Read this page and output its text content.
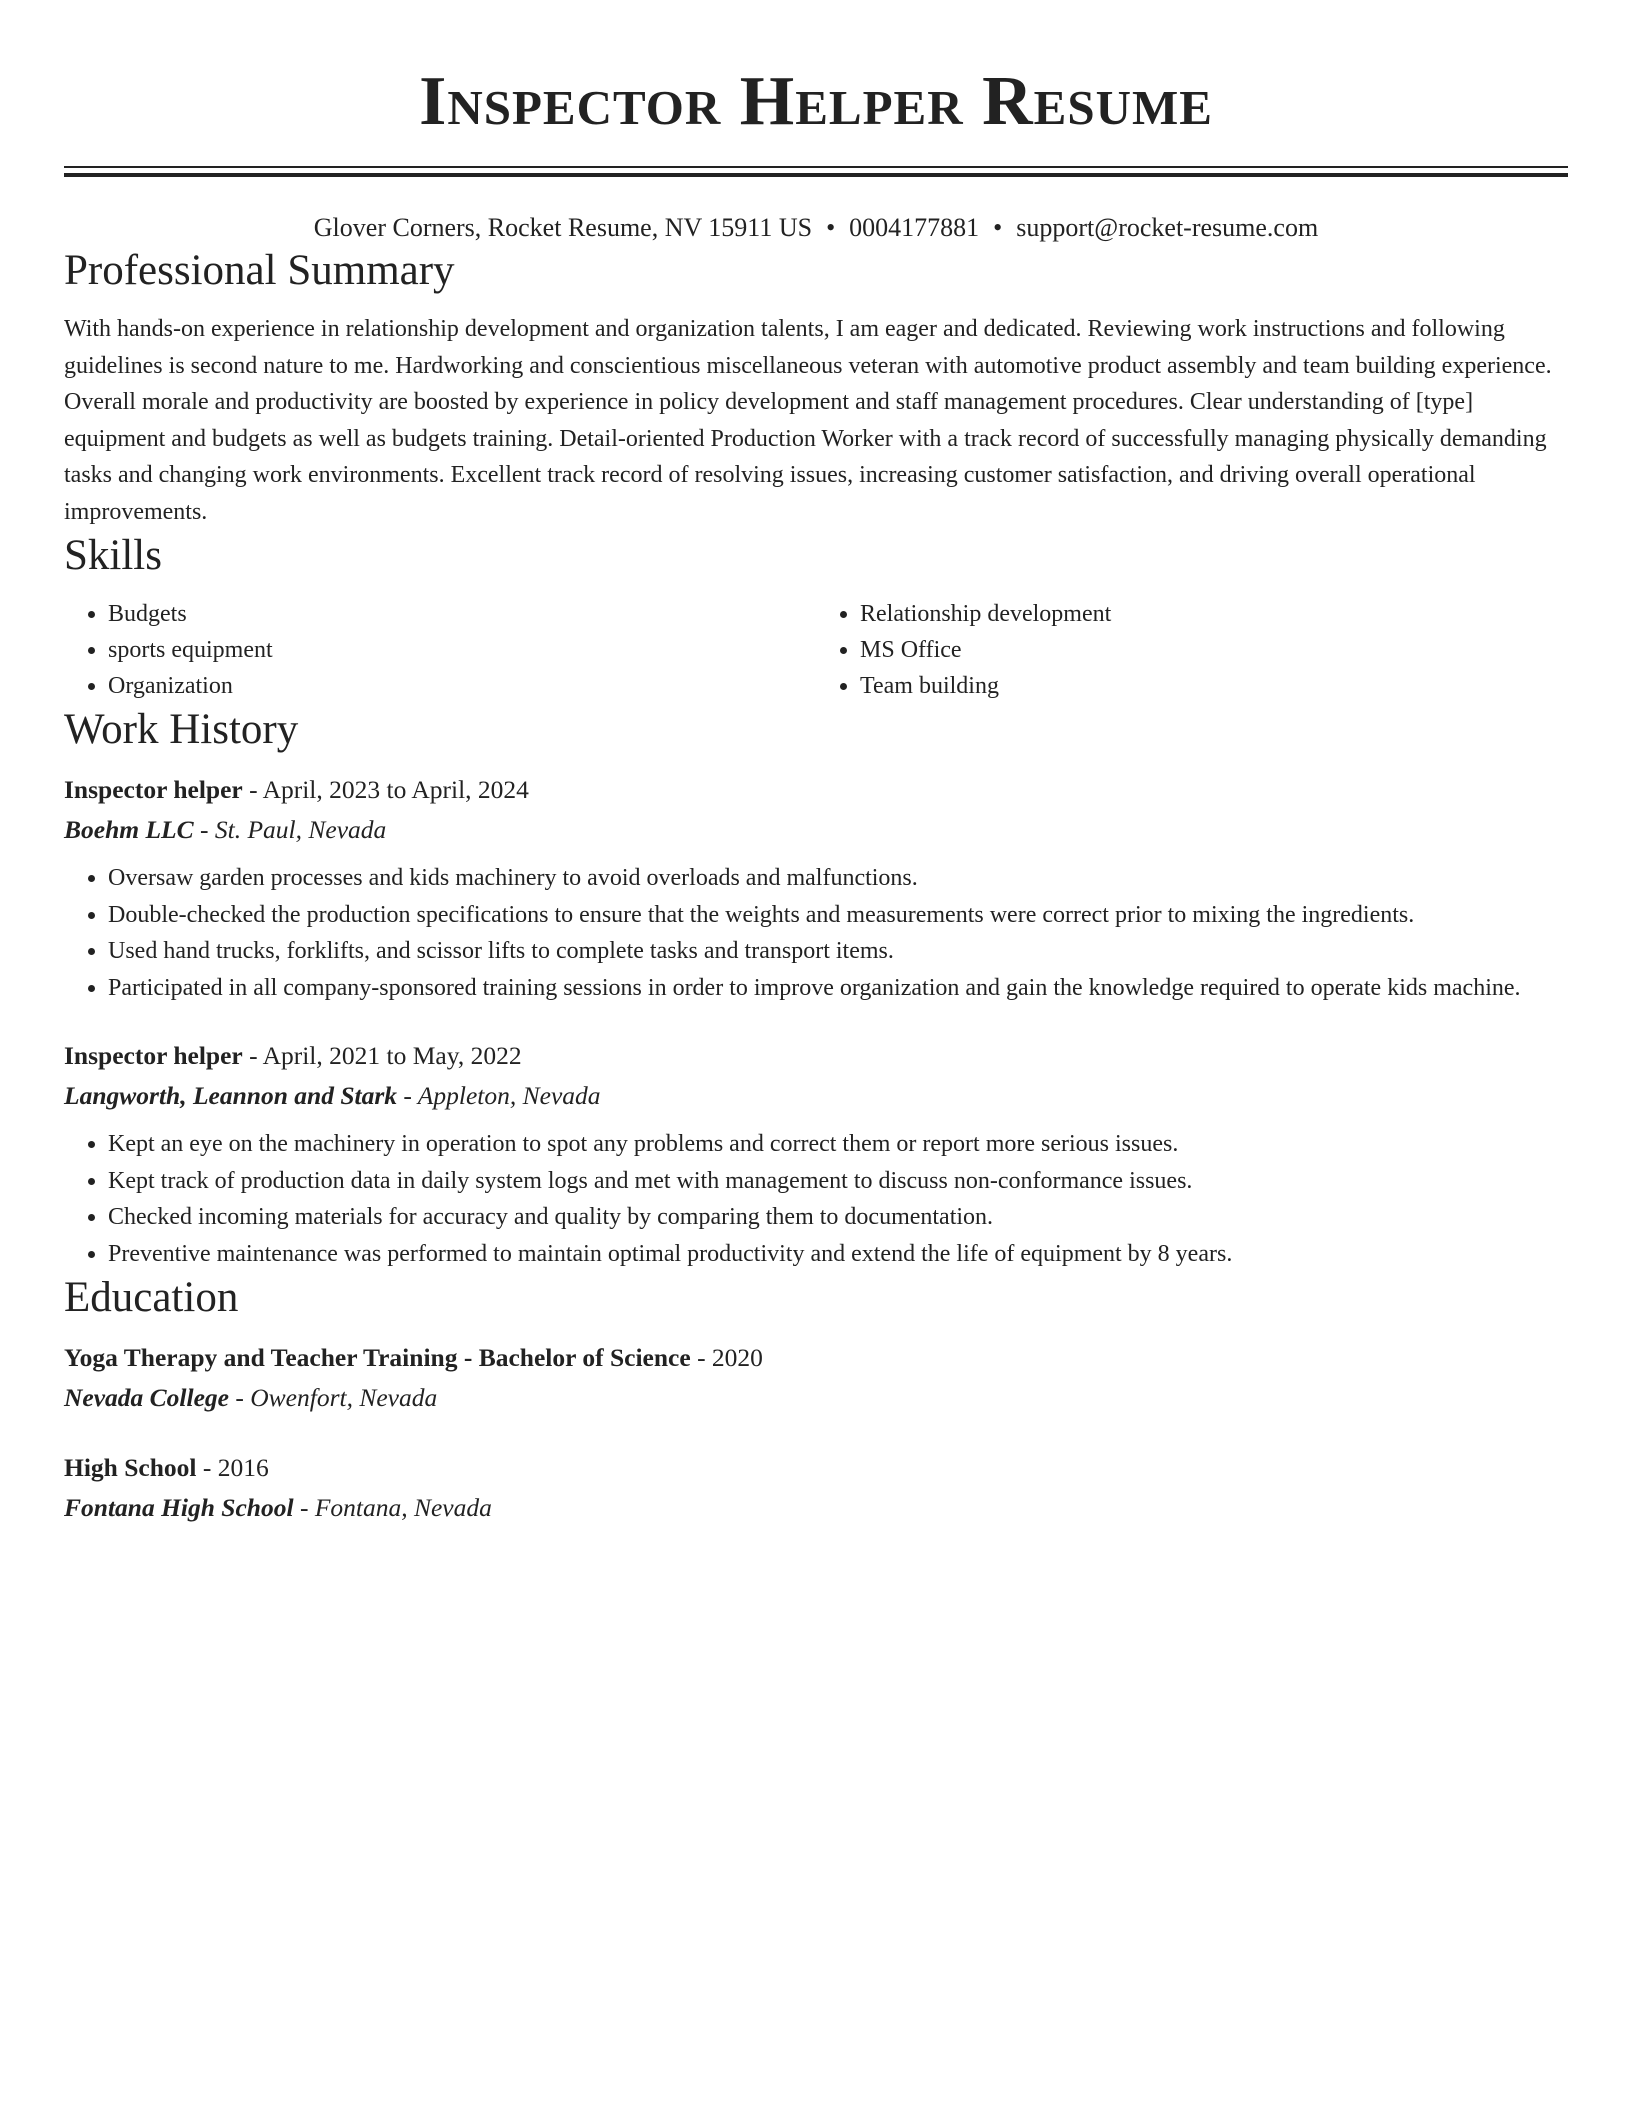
Inspector Helper Resume
Glover Corners, Rocket Resume, NV 15911 US • 0004177881 • support@rocket-resume.com
Professional Summary

With hands-on experience in relationship development and organization talents, I am eager and dedicated. Reviewing work instructions and following guidelines is second nature to me. Hardworking and conscientious miscellaneous veteran with automotive product assembly and team building experience. Overall morale and productivity are boosted by experience in policy development and staff management procedures. Clear understanding of [type] equipment and budgets as well as budgets training. Detail-oriented Production Worker with a track record of successfully managing physically demanding tasks and changing work environments. Excellent track record of resolving issues, increasing customer satisfaction, and driving overall operational improvements.

Skills
• Budgets
• sports equipment
• Organization
• Relationship development
• MS Office
• Team building
Work History
Inspector helper - April, 2023 to April, 2024
Boehm LLC - St. Paul, Nevada
• Oversaw garden processes and kids machinery to avoid overloads and malfunctions.
• Double-checked the production specifications to ensure that the weights and measurements were correct prior to mixing the ingredients.
• Used hand trucks, forklifts, and scissor lifts to complete tasks and transport items.
• Participated in all company-sponsored training sessions in order to improve organization and gain the knowledge required to operate kids machine.
Inspector helper - April, 2021 to May, 2022
Langworth, Leannon and Stark - Appleton, Nevada
• Kept an eye on the machinery in operation to spot any problems and correct them or report more serious issues.
• Kept track of production data in daily system logs and met with management to discuss non-conformance issues.
• Checked incoming materials for accuracy and quality by comparing them to documentation.
• Preventive maintenance was performed to maintain optimal productivity and extend the life of equipment by 8 years.
Education
Yoga Therapy and Teacher Training - Bachelor of Science - 2020
Nevada College - Owenfort, Nevada
High School - 2016
Fontana High School - Fontana, Nevada
